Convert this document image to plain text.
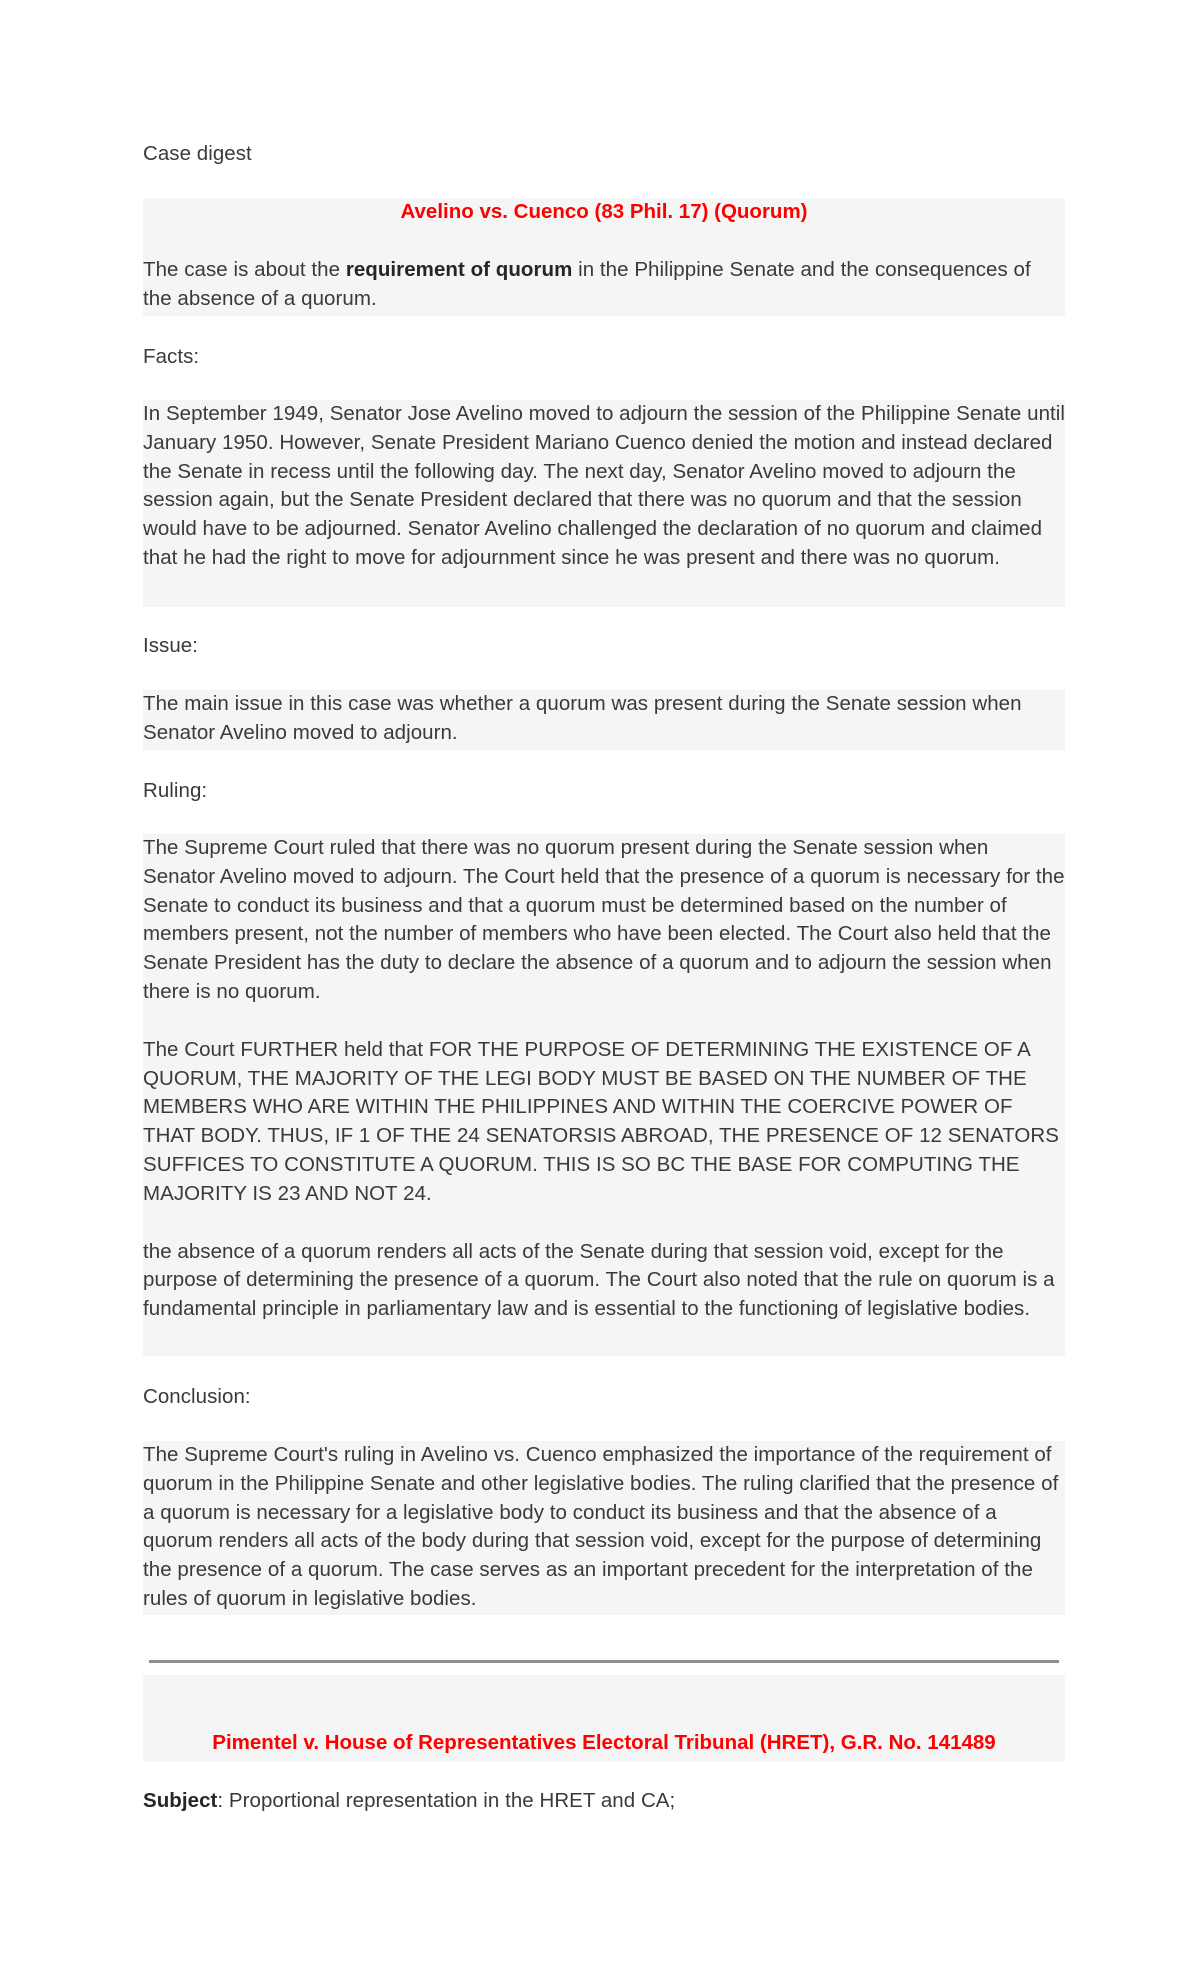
Case digest

Avelino vs. Cuenco (83 Phil. 17) (Quorum)

The case is about the requirement of quorum in the Philippine Senate and the consequences of the absence of a quorum.

Facts:

In September 1949, Senator Jose Avelino moved to adjourn the session of the Philippine Senate until January 1950. However, Senate President Mariano Cuenco denied the motion and instead declared the Senate in recess until the following day. The next day, Senator Avelino moved to adjourn the session again, but the Senate President declared that there was no quorum and that the session would have to be adjourned. Senator Avelino challenged the declaration of no quorum and claimed that he had the right to move for adjournment since he was present and there was no quorum.

Issue:

The main issue in this case was whether a quorum was present during the Senate session when Senator Avelino moved to adjourn.

Ruling:

The Supreme Court ruled that there was no quorum present during the Senate session when Senator Avelino moved to adjourn. The Court held that the presence of a quorum is necessary for the Senate to conduct its business and that a quorum must be determined based on the number of members present, not the number of members who have been elected. The Court also held that the Senate President has the duty to declare the absence of a quorum and to adjourn the session when there is no quorum.

The Court FURTHER held that FOR THE PURPOSE OF DETERMINING THE EXISTENCE OF A QUORUM, THE MAJORITY OF THE LEGI BODY MUST BE BASED ON THE NUMBER OF THE MEMBERS WHO ARE WITHIN THE PHILIPPINES AND WITHIN THE COERCIVE POWER OF THAT BODY. THUS, IF 1 OF THE 24 SENATORSIS ABROAD, THE PRESENCE OF 12 SENATORS SUFFICES TO CONSTITUTE A QUORUM. THIS IS SO BC THE BASE FOR COMPUTING THE MAJORITY IS 23 AND NOT 24.

the absence of a quorum renders all acts of the Senate during that session void, except for the purpose of determining the presence of a quorum. The Court also noted that the rule on quorum is a fundamental principle in parliamentary law and is essential to the functioning of legislative bodies.

Conclusion:

The Supreme Court's ruling in Avelino vs. Cuenco emphasized the importance of the requirement of quorum in the Philippine Senate and other legislative bodies. The ruling clarified that the presence of a quorum is necessary for a legislative body to conduct its business and that the absence of a quorum renders all acts of the body during that session void, except for the purpose of determining the presence of a quorum. The case serves as an important precedent for the interpretation of the rules of quorum in legislative bodies.

Pimentel v. House of Representatives Electoral Tribunal (HRET), G.R. No. 141489

Subject: Proportional representation in the HRET and CA;
